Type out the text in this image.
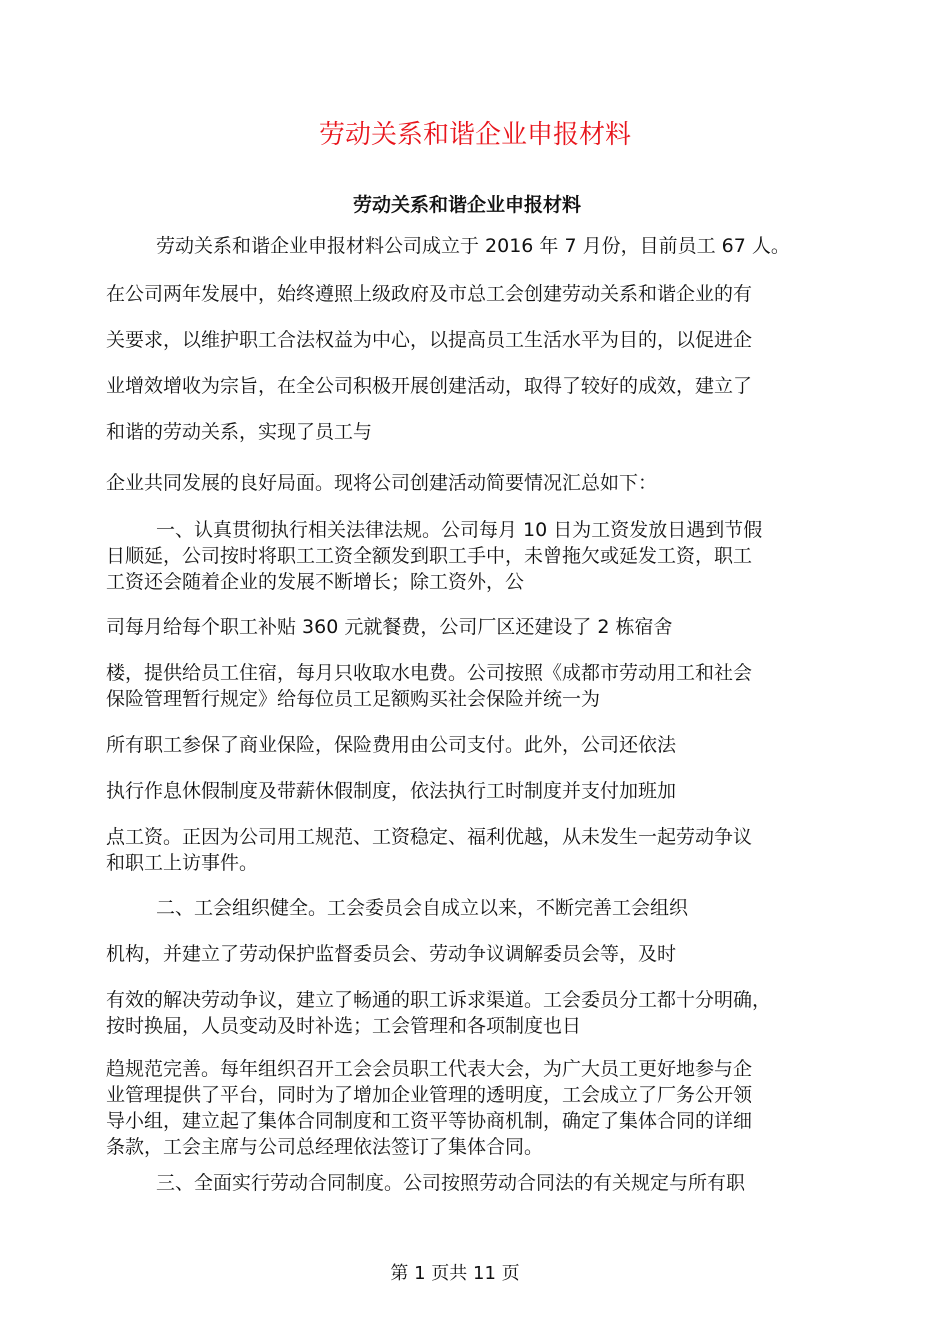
劳动关系和谐企业申报材料
劳动关系和谐企业申报材料

劳动关系和谐企业申报材料公司成立于 2016 年 7 月份，目前员工 67 人。

在公司两年发展中，始终遵照上级政府及市总工会创建劳动关系和谐企业的有

关要求，以维护职工合法权益为中心，以提高员工生活水平为目的，以促进企

业增效增收为宗旨，在全公司积极开展创建活动，取得了较好的成效，建立了

和谐的劳动关系，实现了员工与

企业共同发展的良好局面。现将公司创建活动简要情况汇总如下：

一、认真贯彻执行相关法律法规。公司每月 10 日为工资发放日遇到节假

日顺延，公司按时将职工工资全额发到职工手中，未曾拖欠或延发工资，职工

工资还会随着企业的发展不断增长；除工资外，公

司每月给每个职工补贴 360 元就餐费，公司厂区还建设了 2 栋宿舍

楼，提供给员工住宿，每月只收取水电费。公司按照《成都市劳动用工和社会

保险管理暂行规定》给每位员工足额购买社会保险并统一为

所有职工参保了商业保险，保险费用由公司支付。此外，公司还依法

执行作息休假制度及带薪休假制度，依法执行工时制度并支付加班加

点工资。正因为公司用工规范、工资稳定、福利优越，从未发生一起劳动争议

和职工上访事件。

二、工会组织健全。工会委员会自成立以来，不断完善工会组织

机构，并建立了劳动保护监督委员会、劳动争议调解委员会等，及时

有效的解决劳动争议，建立了畅通的职工诉求渠道。工会委员分工都十分明确，

按时换届，人员变动及时补选；工会管理和各项制度也日

趋规范完善。每年组织召开工会会员职工代表大会，为广大员工更好地参与企

业管理提供了平台，同时为了增加企业管理的透明度，工会成立了厂务公开领

导小组，建立起了集体合同制度和工资平等协商机制，确定了集体合同的详细

条款，工会主席与公司总经理依法签订了集体合同。

三、全面实行劳动合同制度。公司按照劳动合同法的有关规定与所有职

第 1 页共 11 页
